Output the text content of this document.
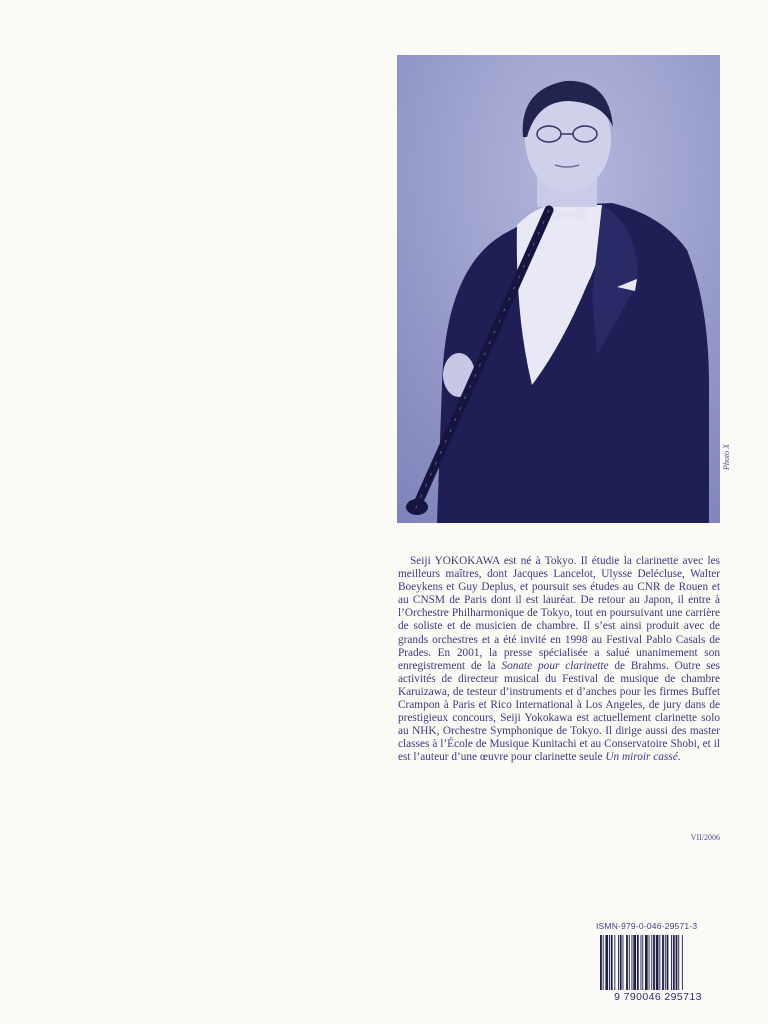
Photo X

Seiji YOKOKAWA est né à Tokyo. Il étudie la clarinette avec les meilleurs maîtres, dont Jacques Lancelot, Ulysse Delécluse, Walter Boeykens et Guy Deplus, et poursuit ses études au CNR de Rouen et au CNSM de Paris dont il est lauréat. De retour au Japon, il entre à l’Orchestre Philharmonique de Tokyo, tout en poursuivant une carrière de soliste et de musicien de chambre. Il s’est ainsi produit avec de grands orchestres et a été invité en 1998 au Festival Pablo Casals de Prades. En 2001, la presse spécialisée a salué unanimement son enregistrement de la Sonate pour clarinette de Brahms. Outre ses activités de directeur musical du Festival de musique de chambre Karuizawa, de testeur d’instruments et d’anches pour les firmes Buffet Crampon à Paris et Rico International à Los Angeles, de jury dans de prestigieux concours, Seiji Yokokawa est actuellement clarinette solo au NHK, Orchestre Symphonique de Tokyo. Il dirige aussi des master classes à l’École de Musique Kunitachi et au Conservatoire Shobi, et il est l’auteur d’une œuvre pour clarinette seule Un miroir cassé.

VII/2006
ISMN-979-0-046-29571-3
9 790046 295713
